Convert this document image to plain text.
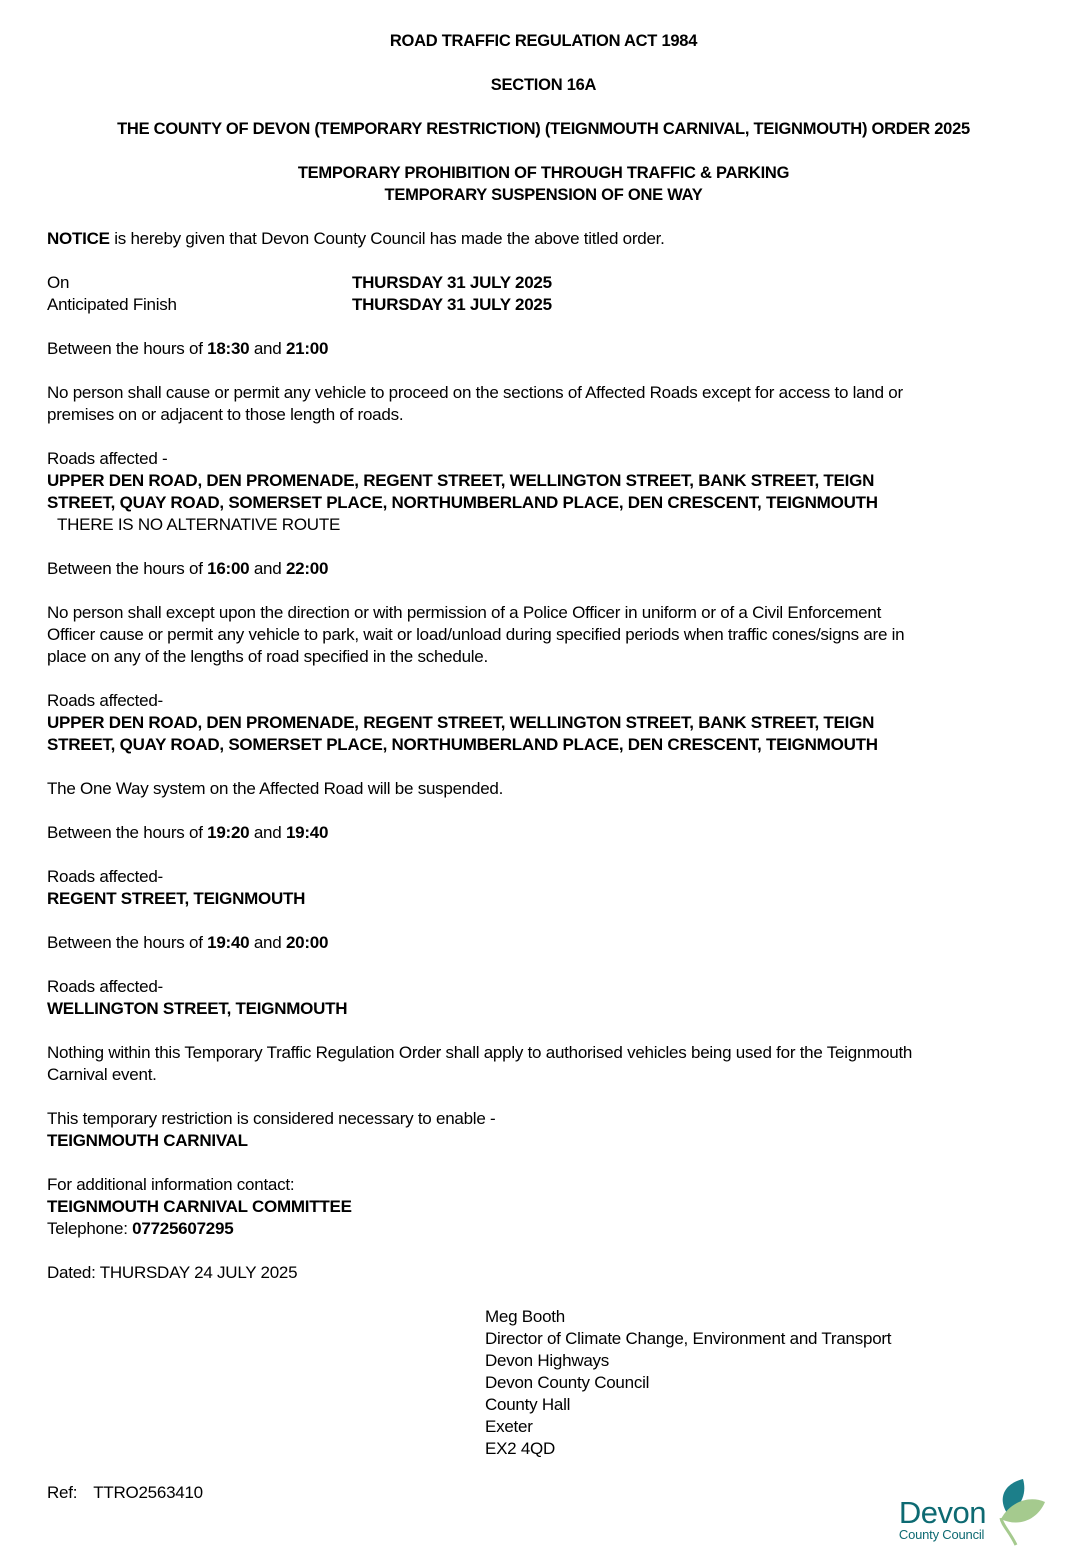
ROAD TRAFFIC REGULATION ACT 1984
SECTION 16A
THE COUNTY OF DEVON (TEMPORARY RESTRICTION) (TEIGNMOUTH CARNIVAL, TEIGNMOUTH) ORDER 2025
TEMPORARY PROHIBITION OF THROUGH TRAFFIC & PARKING
TEMPORARY SUSPENSION OF ONE WAY
NOTICE is hereby given that Devon County Council has made the above titled order.
On	THURSDAY 31 JULY 2025
Anticipated Finish	THURSDAY 31 JULY 2025
Between the hours of 18:30 and 21:00
No person shall cause or permit any vehicle to proceed on the sections of Affected Roads except for access to land or
premises on or adjacent to those length of roads.
Roads affected -
UPPER DEN ROAD, DEN PROMENADE, REGENT STREET, WELLINGTON STREET, BANK STREET, TEIGN
STREET, QUAY ROAD, SOMERSET PLACE, NORTHUMBERLAND PLACE, DEN CRESCENT, TEIGNMOUTH
THERE IS NO ALTERNATIVE ROUTE
Between the hours of 16:00 and 22:00
No person shall except upon the direction or with permission of a Police Officer in uniform or of a Civil Enforcement
Officer cause or permit any vehicle to park, wait or load/unload during specified periods when traffic cones/signs are in
place on any of the lengths of road specified in the schedule.
Roads affected-
UPPER DEN ROAD, DEN PROMENADE, REGENT STREET, WELLINGTON STREET, BANK STREET, TEIGN
STREET, QUAY ROAD, SOMERSET PLACE, NORTHUMBERLAND PLACE, DEN CRESCENT, TEIGNMOUTH
The One Way system on the Affected Road will be suspended.
Between the hours of 19:20 and 19:40
Roads affected-
REGENT STREET, TEIGNMOUTH
Between the hours of 19:40 and 20:00
Roads affected-
WELLINGTON STREET, TEIGNMOUTH
Nothing within this Temporary Traffic Regulation Order shall apply to authorised vehicles being used for the Teignmouth
Carnival event.
This temporary restriction is considered necessary to enable -
TEIGNMOUTH CARNIVAL
For additional information contact:
TEIGNMOUTH CARNIVAL COMMITTEE
Telephone: 07725607295
Dated: THURSDAY 24 JULY 2025
Meg Booth
Director of Climate Change, Environment and Transport
Devon Highways
Devon County Council
County Hall
Exeter
EX2 4QD
Ref: TTRO2563410
Devon
County Council
